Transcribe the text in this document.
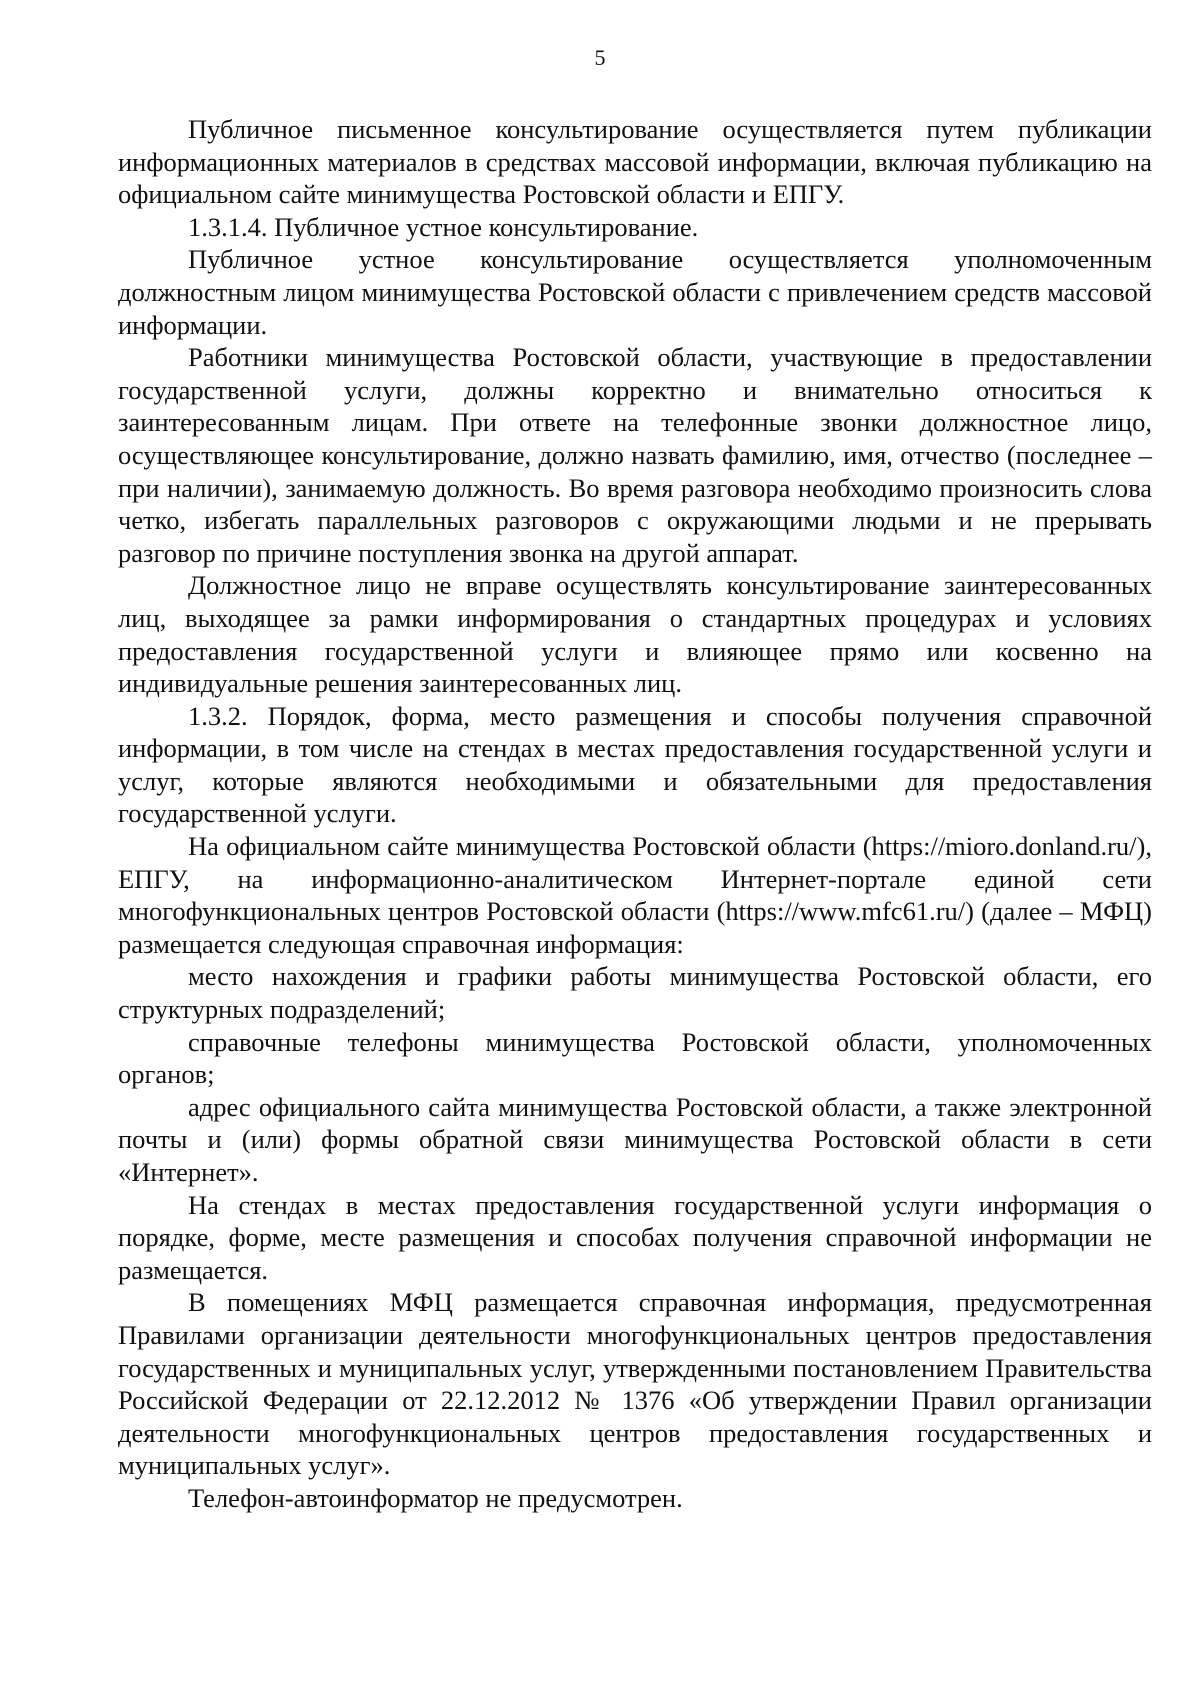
5

Публичное письменное консультирование осуществляется путем публикации информационных материалов в средствах массовой информации, включая публикацию на официальном сайте минимущества Ростовской области и ЕПГУ.

1.3.1.4. Публичное устное консультирование.

Публичное устное консультирование осуществляется уполномоченным должностным лицом минимущества Ростовской области с привлечением средств массовой информации.

Работники минимущества Ростовской области, участвующие в предоставлении государственной услуги, должны корректно и внимательно относиться к заинтересованным лицам. При ответе на телефонные звонки должностное лицо, осуществляющее консультирование, должно назвать фамилию, имя, отчество (последнее – при наличии), занимаемую должность. Во время разговора необходимо произносить слова четко, избегать параллельных разговоров с окружающими людьми и не прерывать разговор по причине поступления звонка на другой аппарат.

Должностное лицо не вправе осуществлять консультирование заинтересованных лиц, выходящее за рамки информирования о стандартных процедурах и условиях предоставления государственной услуги и влияющее прямо или косвенно на индивидуальные решения заинтересованных лиц.

1.3.2. Порядок, форма, место размещения и способы получения справочной информации, в том числе на стендах в местах предоставления государственной услуги и услуг, которые являются необходимыми и обязательными для предоставления государственной услуги.

На официальном сайте минимущества Ростовской области (https://mioro.donland.ru/), ЕПГУ, на информационно-аналитическом Интернет-портале единой сети многофункциональных центров Ростовской области (https://www.mfc61.ru/) (далее – МФЦ) размещается следующая справочная информация:

место нахождения и графики работы минимущества Ростовской области, его структурных подразделений;

справочные телефоны минимущества Ростовской области, уполномоченных органов;

адрес официального сайта минимущества Ростовской области, а также электронной почты и (или) формы обратной связи минимущества Ростовской области в сети «Интернет».

На стендах в местах предоставления государственной услуги информация о порядке, форме, месте размещения и способах получения справочной информации не размещается.

В помещениях МФЦ размещается справочная информация, предусмотренная Правилами организации деятельности многофункциональных центров предоставления государственных и муниципальных услуг, утвержденными постановлением Правительства Российской Федерации от 22.12.2012 № 1376 «Об утверждении Правил организации деятельности многофункциональных центров предоставления государственных и муниципальных услуг».

Телефон-автоинформатор не предусмотрен.
